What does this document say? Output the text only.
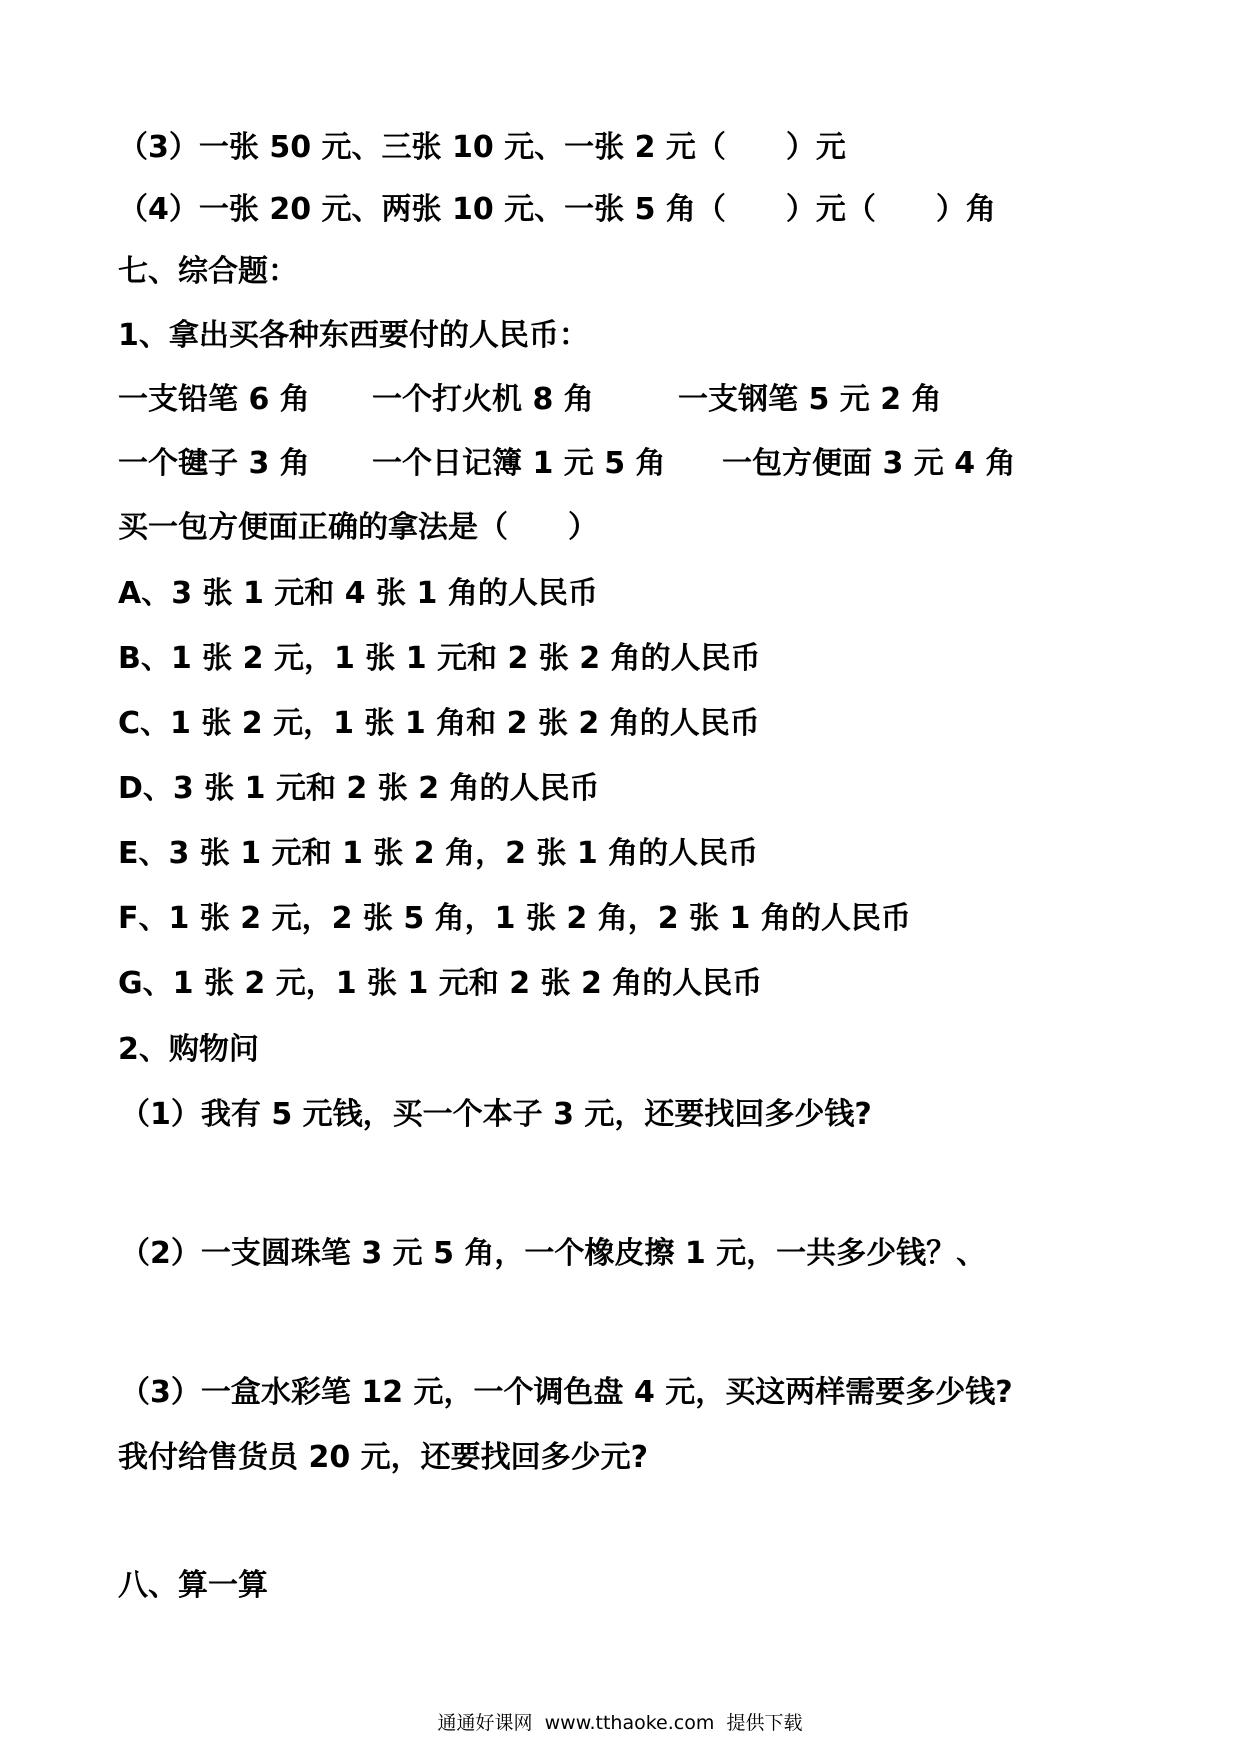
（3）一张 50 元、三张 10 元、一张 2 元（　　）元
（4）一张 20 元、两张 10 元、一张 5 角（　　）元（　　）角
七、综合题：
1、拿出买各种东西要付的人民币：
一支铅笔 6 角 一个打火机 8 角	一支钢笔 5 元 2 角
一个毽子 3 角 一个日记簿 1 元 5 角 一包方便面 3 元 4 角
买一包方便面正确的拿法是（　　）
A、3 张 1 元和 4 张 1 角的人民币
B、1 张 2 元，1 张 1 元和 2 张 2 角的人民币
C、1 张 2 元，1 张 1 角和 2 张 2 角的人民币
D、3 张 1 元和 2 张 2 角的人民币
E、3 张 1 元和 1 张 2 角，2 张 1 角的人民币
F、1 张 2 元，2 张 5 角，1 张 2 角，2 张 1 角的人民币
G、1 张 2 元，1 张 1 元和 2 张 2 角的人民币
2、购物问
（1）我有 5 元钱，买一个本子 3 元，还要找回多少钱?
（2）一支圆珠笔 3 元 5 角，一个橡皮擦 1 元，一共多少钱？、
（3）一盒水彩笔 12 元，一个调色盘 4 元，买这两样需要多少钱?
我付给售货员 20 元，还要找回多少元?
八、算一算
通通好课网  www.tthaoke.com  提供下载
